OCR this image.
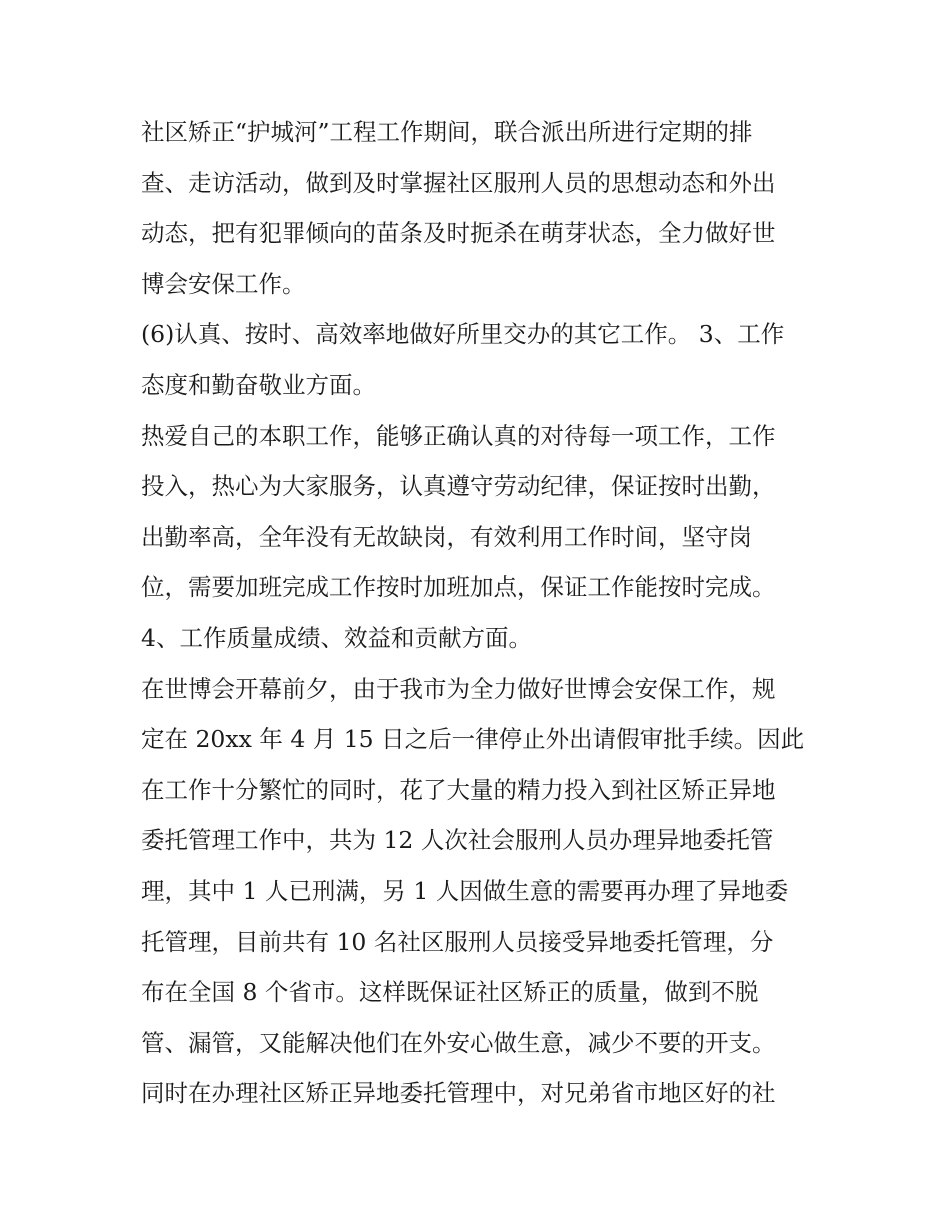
社区矫正“护城河”工程工作期间，联合派出所进行定期的排
查、走访活动，做到及时掌握社区服刑人员的思想动态和外出
动态，把有犯罪倾向的苗条及时扼杀在萌芽状态，全力做好世
博会安保工作。
(6)认真、按时、高效率地做好所里交办的其它工作。 3、工作
态度和勤奋敬业方面。
热爱自己的本职工作，能够正确认真的对待每一项工作，工作
投入，热心为大家服务，认真遵守劳动纪律，保证按时出勤，
出勤率高，全年没有无故缺岗，有效利用工作时间，坚守岗
位，需要加班完成工作按时加班加点，保证工作能按时完成。
4、工作质量成绩、效益和贡献方面。
在世博会开幕前夕，由于我市为全力做好世博会安保工作，规
定在 20xx 年 4 月 15 日之后一律停止外出请假审批手续。因此
在工作十分繁忙的同时，花了大量的精力投入到社区矫正异地
委托管理工作中，共为 12 人次社会服刑人员办理异地委托管
理，其中 1 人已刑满，另 1 人因做生意的需要再办理了异地委
托管理，目前共有 10 名社区服刑人员接受异地委托管理，分
布在全国 8 个省市。这样既保证社区矫正的质量，做到不脱
管、漏管，又能解决他们在外安心做生意，减少不要的开支。
同时在办理社区矫正异地委托管理中，对兄弟省市地区好的社
